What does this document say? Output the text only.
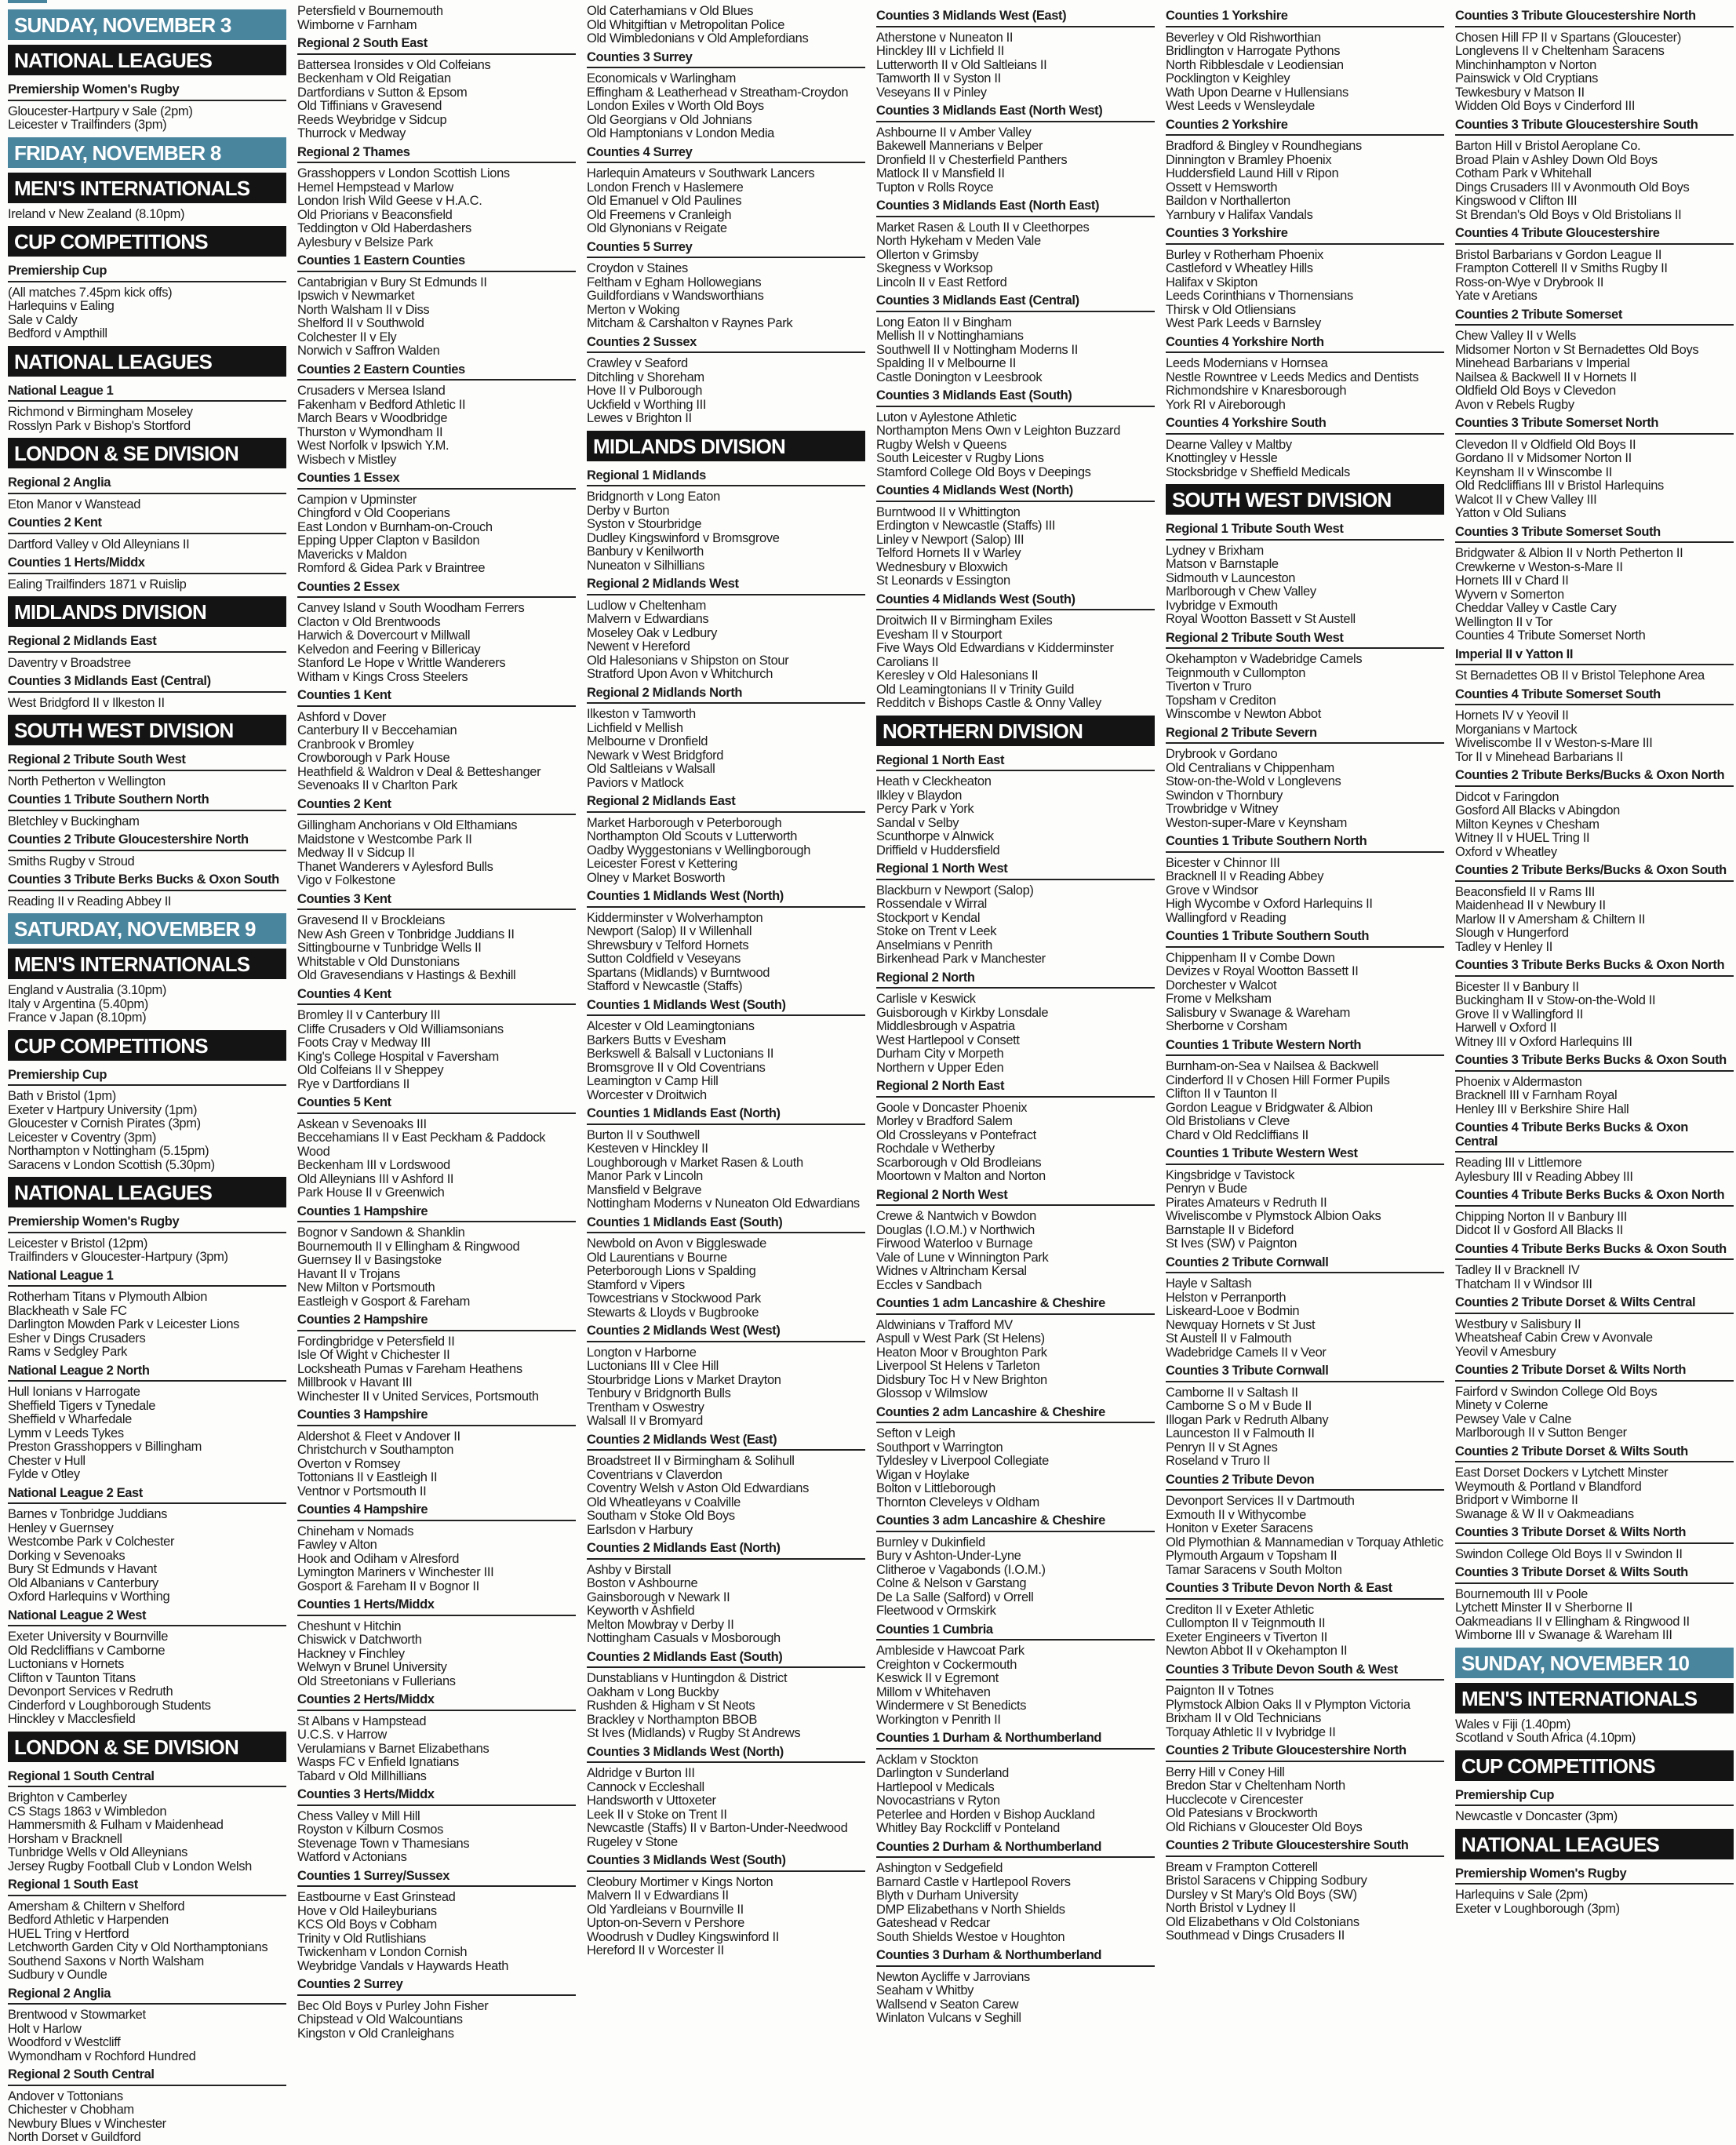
SUNDAY, NOVEMBER 3
NATIONAL LEAGUES
Premiership Women's Rugby
Gloucester-Hartpury v Sale (2pm)
Leicester v Trailfinders (3pm)
FRIDAY, NOVEMBER 8
MEN'S INTERNATIONALS
Ireland v New Zealand (8.10pm)
CUP COMPETITIONS
Premiership Cup
(All matches 7.45pm kick offs)
Harlequins v Ealing
Sale v Caldy
Bedford v Ampthill
NATIONAL LEAGUES
National League 1
Richmond v Birmingham Moseley
Rosslyn Park v Bishop's Stortford
LONDON & SE DIVISION
Regional 2 Anglia
Eton Manor v Wanstead
Counties 2 Kent
Dartford Valley v Old Alleynians II
Counties 1 Herts/Middx
Ealing Trailfinders 1871 v Ruislip
MIDLANDS DIVISION
Regional 2 Midlands East
Daventry v Broadstree
Counties 3 Midlands East (Central)
West Bridgford II v Ilkeston II
SOUTH WEST DIVISION
Regional 2 Tribute South West
North Petherton v Wellington
Counties 1 Tribute Southern North
Bletchley v Buckingham
Counties 2 Tribute Gloucestershire North
Smiths Rugby v Stroud
Counties 3 Tribute Berks Bucks & Oxon South
Reading II v Reading Abbey II
SATURDAY, NOVEMBER 9
MEN'S INTERNATIONALS
England v Australia (3.10pm)
Italy v Argentina (5.40pm)
France v Japan (8.10pm)
CUP COMPETITIONS
Premiership Cup
Bath v Bristol (1pm)
Exeter v Hartpury University (1pm)
Gloucester v Cornish Pirates (3pm)
Leicester v Coventry (3pm)
Northampton v Nottingham (5.15pm)
Saracens v London Scottish (5.30pm)
NATIONAL LEAGUES
Premiership Women's Rugby
Leicester v Bristol (12pm)
Trailfinders v Gloucester-Hartpury (3pm)
National League 1
Rotherham Titans v Plymouth Albion
Blackheath v Sale FC
Darlington Mowden Park v Leicester Lions
Esher v Dings Crusaders
Rams v Sedgley Park
National League 2 North
Hull Ionians v Harrogate
Sheffield Tigers v Tynedale
Sheffield v Wharfedale
Lymm v Leeds Tykes
Preston Grasshoppers v Billingham
Chester v Hull
Fylde v Otley
National League 2 East
Barnes v Tonbridge Juddians
Henley v Guernsey
Westcombe Park v Colchester
Dorking v Sevenoaks
Bury St Edmunds v Havant
Old Albanians v Canterbury
Oxford Harlequins v Worthing
National League 2 West
Exeter University v Bournville
Old Redcliffians v Camborne
Luctonians v Hornets
Clifton v Taunton Titans
Devonport Services v Redruth
Cinderford v Loughborough Students
Hinckley v Macclesfield
LONDON & SE DIVISION
Regional 1 South Central
Brighton v Camberley
CS Stags 1863 v Wimbledon
Hammersmith & Fulham v Maidenhead
Horsham v Bracknell
Tunbridge Wells v Old Alleynians
Jersey Rugby Football Club v London Welsh
Regional 1 South East
Amersham & Chiltern v Shelford
Bedford Athletic v Harpenden
HUEL Tring v Hertford
Letchworth Garden City v Old Northamptonians
Southend Saxons v North Walsham
Sudbury v Oundle
Regional 2 Anglia
Brentwood v Stowmarket
Holt v Harlow
Woodford v Westcliff
Wymondham v Rochford Hundred
Regional 2 South Central
Andover v Tottonians
Chichester v Chobham
Newbury Blues v Winchester
North Dorset v Guildford
Petersfield v Bournemouth
Wimborne v Farnham
Regional 2 South East
Battersea Ironsides v Old Colfeians
Beckenham v Old Reigatian
Dartfordians v Sutton & Epsom
Old Tiffinians v Gravesend
Reeds Weybridge v Sidcup
Thurrock v Medway
Regional 2 Thames
Grasshoppers v London Scottish Lions
Hemel Hempstead v Marlow
London Irish Wild Geese v H.A.C.
Old Priorians v Beaconsfield
Teddington v Old Haberdashers
Aylesbury v Belsize Park
Counties 1 Eastern Counties
Cantabrigian v Bury St Edmunds II
Ipswich v Newmarket
North Walsham II v Diss
Shelford II v Southwold
Colchester II v Ely
Norwich v Saffron Walden
Counties 2 Eastern Counties
Crusaders v Mersea Island
Fakenham v Bedford Athletic II
March Bears v Woodbridge
Thurston v Wymondham II
West Norfolk v Ipswich Y.M.
Wisbech v Mistley
Counties 1 Essex
Campion v Upminster
Chingford v Old Cooperians
East London v Burnham-on-Crouch
Epping Upper Clapton v Basildon
Mavericks v Maldon
Romford & Gidea Park v Braintree
Counties 2 Essex
Canvey Island v South Woodham Ferrers
Clacton v Old Brentwoods
Harwich & Dovercourt v Millwall
Kelvedon and Feering v Billericay
Stanford Le Hope v Writtle Wanderers
Witham v Kings Cross Steelers
Counties 1 Kent
Ashford v Dover
Canterbury II v Beccehamian
Cranbrook v Bromley
Crowborough v Park House
Heathfield & Waldron v Deal & Betteshanger
Sevenoaks II v Charlton Park
Counties 2 Kent
Gillingham Anchorians v Old Elthamians
Maidstone v Westcombe Park II
Medway II v Sidcup II
Thanet Wanderers v Aylesford Bulls
Vigo v Folkestone
Counties 3 Kent
Gravesend II v Brockleians
New Ash Green v Tonbridge Juddians II
Sittingbourne v Tunbridge Wells II
Whitstable v Old Dunstonians
Old Gravesendians v Hastings & Bexhill
Counties 4 Kent
Bromley II v Canterbury III
Cliffe Crusaders v Old Williamsonians
Foots Cray v Medway III
King's College Hospital v Faversham
Old Colfeians II v Sheppey
Rye v Dartfordians II
Counties 5 Kent
Askean v Sevenoaks III
Beccehamians II v East Peckham & Paddock Wood
Beckenham III v Lordswood
Old Alleynians III v Ashford II
Park House II v Greenwich
Counties 1 Hampshire
Bognor v Sandown & Shanklin
Bournemouth II v Ellingham & Ringwood
Guernsey II v Basingstoke
Havant II v Trojans
New Milton v Portsmouth
Eastleigh v Gosport & Fareham
Counties 2 Hampshire
Fordingbridge v Petersfield II
Isle Of Wight v Chichester II
Locksheath Pumas v Fareham Heathens
Millbrook v Havant III
Winchester II v United Services, Portsmouth
Counties 3 Hampshire
Aldershot & Fleet v Andover II
Christchurch v Southampton
Overton v Romsey
Tottonians II v Eastleigh II
Ventnor v Portsmouth II
Counties 4 Hampshire
Chineham v Nomads
Fawley v Alton
Hook and Odiham v Alresford
Lymington Mariners v Winchester III
Gosport & Fareham II v Bognor II
Counties 1 Herts/Middx
Cheshunt v Hitchin
Chiswick v Datchworth
Hackney v Finchley
Welwyn v Brunel University
Old Streetonians v Fullerians
Counties 2 Herts/Middx
St Albans v Hampstead
U.C.S. v Harrow
Verulamians v Barnet Elizabethans
Wasps FC v Enfield Ignatians
Tabard v Old Millhillians
Counties 3 Herts/Middx
Chess Valley v Mill Hill
Royston v Kilburn Cosmos
Stevenage Town v Thamesians
Watford v Actonians
Counties 1 Surrey/Sussex
Eastbourne v East Grinstead
Hove v Old Haileyburians
KCS Old Boys v Cobham
Trinity v Old Rutlishians
Twickenham v London Cornish
Weybridge Vandals v Haywards Heath
Counties 2 Surrey
Bec Old Boys v Purley John Fisher
Chipstead v Old Walcountians
Kingston v Old Cranleighans
Old Caterhamians v Old Blues
Old Whitgiftian v Metropolitan Police
Old Wimbledonians v Old Amplefordians
Counties 3 Surrey
Economicals v Warlingham
Effingham & Leatherhead v Streatham-Croydon
London Exiles v Worth Old Boys
Old Georgians v Old Johnians
Old Hamptonians v London Media
Counties 4 Surrey
Harlequin Amateurs v Southwark Lancers
London French v Haslemere
Old Emanuel v Old Paulines
Old Freemens v Cranleigh
Old Glynonians v Reigate
Counties 5 Surrey
Croydon v Staines
Feltham v Egham Hollowegians
Guildfordians v Wandsworthians
Merton v Woking
Mitcham & Carshalton v Raynes Park
Counties 2 Sussex
Crawley v Seaford
Ditchling v Shoreham
Hove II v Pulborough
Uckfield v Worthing III
Lewes v Brighton II
MIDLANDS DIVISION
Regional 1 Midlands
Bridgnorth v Long Eaton
Derby v Burton
Syston v Stourbridge
Dudley Kingswinford v Bromsgrove
Banbury v Kenilworth
Nuneaton v Silhillians
Regional 2 Midlands West
Ludlow v Cheltenham
Malvern v Edwardians
Moseley Oak v Ledbury
Newent v Hereford
Old Halesonians v Shipston on Stour
Stratford Upon Avon v Whitchurch
Regional 2 Midlands North
Ilkeston v Tamworth
Lichfield v Mellish
Melbourne v Dronfield
Newark v West Bridgford
Old Saltleians v Walsall
Paviors v Matlock
Regional 2 Midlands East
Market Harborough v Peterborough
Northampton Old Scouts v Lutterworth
Oadby Wyggestonians v Wellingborough
Leicester Forest v Kettering
Olney v Market Bosworth
Counties 1 Midlands West (North)
Kidderminster v Wolverhampton
Newport (Salop) II v Willenhall
Shrewsbury v Telford Hornets
Sutton Coldfield v Veseyans
Spartans (Midlands) v Burntwood
Stafford v Newcastle (Staffs)
Counties 1 Midlands West (South)
Alcester v Old Leamingtonians
Barkers Butts v Evesham
Berkswell & Balsall v Luctonians II
Bromsgrove II v Old Coventrians
Leamington v Camp Hill
Worcester v Droitwich
Counties 1 Midlands East (North)
Burton II v Southwell
Kesteven v Hinckley II
Loughborough v Market Rasen & Louth
Manor Park v Lincoln
Mansfield v Belgrave
Nottingham Moderns v Nuneaton Old Edwardians
Counties 1 Midlands East (South)
Newbold on Avon v Biggleswade
Old Laurentians v Bourne
Peterborough Lions v Spalding
Stamford v Vipers
Towcestrians v Stockwood Park
Stewarts & Lloyds v Bugbrooke
Counties 2 Midlands West (West)
Longton v Harborne
Luctonians III v Clee Hill
Stourbridge Lions v Market Drayton
Tenbury v Bridgnorth Bulls
Trentham v Oswestry
Walsall II v Bromyard
Counties 2 Midlands West (East)
Broadstreet II v Birmingham & Solihull
Coventrians v Claverdon
Coventry Welsh v Aston Old Edwardians
Old Wheatleyans v Coalville
Southam v Stoke Old Boys
Earlsdon v Harbury
Counties 2 Midlands East (North)
Ashby v Birstall
Boston v Ashbourne
Gainsborough v Newark II
Keyworth v Ashfield
Melton Mowbray v Derby II
Nottingham Casuals v Mosborough
Counties 2 Midlands East (South)
Dunstablians v Huntingdon & District
Oakham v Long Buckby
Rushden & Higham v St Neots
Brackley v Northampton BBOB
St Ives (Midlands) v Rugby St Andrews
Counties 3 Midlands West (North)
Aldridge v Burton III
Cannock v Eccleshall
Handsworth v Uttoxeter
Leek II v Stoke on Trent II
Newcastle (Staffs) II v Barton-Under-Needwood
Rugeley v Stone
Counties 3 Midlands West (South)
Cleobury Mortimer v Kings Norton
Malvern II v Edwardians II
Old Yardleians v Bournville II
Upton-on-Severn v Pershore
Woodrush v Dudley Kingswinford II
Hereford II v Worcester II
Counties 3 Midlands West (East)
Atherstone v Nuneaton II
Hinckley III v Lichfield II
Lutterworth II v Old Saltleians II
Tamworth II v Syston II
Veseyans II v Pinley
Counties 3 Midlands East (North West)
Ashbourne II v Amber Valley
Bakewell Mannerians v Belper
Dronfield II v Chesterfield Panthers
Matlock II v Mansfield II
Tupton v Rolls Royce
Counties 3 Midlands East (North East)
Market Rasen & Louth II v Cleethorpes
North Hykeham v Meden Vale
Ollerton v Grimsby
Skegness v Worksop
Lincoln II v East Retford
Counties 3 Midlands East (Central)
Long Eaton II v Bingham
Mellish II v Nottinghamians
Southwell II v Nottingham Moderns II
Spalding II v Melbourne II
Castle Donington v Leesbrook
Counties 3 Midlands East (South)
Luton v Aylestone Athletic
Northampton Mens Own v Leighton Buzzard
Rugby Welsh v Queens
South Leicester v Rugby Lions
Stamford College Old Boys v Deepings
Counties 4 Midlands West (North)
Burntwood II v Whittington
Erdington v Newcastle (Staffs) III
Linley v Newport (Salop) III
Telford Hornets II v Warley
Wednesbury v Bloxwich
St Leonards v Essington
Counties 4 Midlands West (South)
Droitwich II v Birmingham Exiles
Evesham II v Stourport
Five Ways Old Edwardians v Kidderminster Carolians II
Keresley v Old Halesonians II
Old Leamingtonians II v Trinity Guild
Redditch v Bishops Castle & Onny Valley
NORTHERN DIVISION
Regional 1 North East
Heath v Cleckheaton
Ilkley v Blaydon
Percy Park v York
Sandal v Selby
Scunthorpe v Alnwick
Driffield v Huddersfield
Regional 1 North West
Blackburn v Newport (Salop)
Rossendale v Wirral
Stockport v Kendal
Stoke on Trent v Leek
Anselmians v Penrith
Birkenhead Park v Manchester
Regional 2 North
Carlisle v Keswick
Guisborough v Kirkby Lonsdale
Middlesbrough v Aspatria
West Hartlepool v Consett
Durham City v Morpeth
Northern v Upper Eden
Regional 2 North East
Goole v Doncaster Phoenix
Morley v Bradford Salem
Old Crossleyans v Pontefract
Rochdale v Wetherby
Scarborough v Old Brodleians
Moortown v Malton and Norton
Regional 2 North West
Crewe & Nantwich v Bowdon
Douglas (I.O.M.) v Northwich
Firwood Waterloo v Burnage
Vale of Lune v Winnington Park
Widnes v Altrincham Kersal
Eccles v Sandbach
Counties 1 adm Lancashire & Cheshire
Aldwinians v Trafford MV
Aspull v West Park (St Helens)
Heaton Moor v Broughton Park
Liverpool St Helens v Tarleton
Didsbury Toc H v New Brighton
Glossop v Wilmslow
Counties 2 adm Lancashire & Cheshire
Sefton v Leigh
Southport v Warrington
Tyldesley v Liverpool Collegiate
Wigan v Hoylake
Bolton v Littleborough
Thornton Cleveleys v Oldham
Counties 3 adm Lancashire & Cheshire
Burnley v Dukinfield
Bury v Ashton-Under-Lyne
Clitheroe v Vagabonds (I.O.M.)
Colne & Nelson v Garstang
De La Salle (Salford) v Orrell
Fleetwood v Ormskirk
Counties 1 Cumbria
Ambleside v Hawcoat Park
Creighton v Cockermouth
Keswick II v Egremont
Millom v Whitehaven
Windermere v St Benedicts
Workington v Penrith II
Counties 1 Durham & Northumberland
Acklam v Stockton
Darlington v Sunderland
Hartlepool v Medicals
Novocastrians v Ryton
Peterlee and Horden v Bishop Auckland
Whitley Bay Rockcliff v Ponteland
Counties 2 Durham & Northumberland
Ashington v Sedgefield
Barnard Castle v Hartlepool Rovers
Blyth v Durham University
DMP Elizabethans v North Shields
Gateshead v Redcar
South Shields Westoe v Houghton
Counties 3 Durham & Northumberland
Newton Aycliffe v Jarrovians
Seaham v Whitby
Wallsend v Seaton Carew
Winlaton Vulcans v Seghill
Counties 1 Yorkshire
Beverley v Old Rishworthian
Bridlington v Harrogate Pythons
North Ribblesdale v Leodiensian
Pocklington v Keighley
Wath Upon Dearne v Hullensians
West Leeds v Wensleydale
Counties 2 Yorkshire
Bradford & Bingley v Roundhegians
Dinnington v Bramley Phoenix
Huddersfield Laund Hill v Ripon
Ossett v Hemsworth
Baildon v Northallerton
Yarnbury v Halifax Vandals
Counties 3 Yorkshire
Burley v Rotherham Phoenix
Castleford v Wheatley Hills
Halifax v Skipton
Leeds Corinthians v Thornensians
Thirsk v Old Otliensians
West Park Leeds v Barnsley
Counties 4 Yorkshire North
Leeds Modernians v Hornsea
Nestle Rowntree v Leeds Medics and Dentists
Richmondshire v Knaresborough
York RI v Aireborough
Counties 4 Yorkshire South
Dearne Valley v Maltby
Knottingley v Hessle
Stocksbridge v Sheffield Medicals
SOUTH WEST DIVISION
Regional 1 Tribute South West
Lydney v Brixham
Matson v Barnstaple
Sidmouth v Launceston
Marlborough v Chew Valley
Ivybridge v Exmouth
Royal Wootton Bassett v St Austell
Regional 2 Tribute South West
Okehampton v Wadebridge Camels
Teignmouth v Cullompton
Tiverton v Truro
Topsham v Crediton
Winscombe v Newton Abbot
Regional 2 Tribute Severn
Drybrook v Gordano
Old Centralians v Chippenham
Stow-on-the-Wold v Longlevens
Swindon v Thornbury
Trowbridge v Witney
Weston-super-Mare v Keynsham
Counties 1 Tribute Southern North
Bicester v Chinnor III
Bracknell II v Reading Abbey
Grove v Windsor
High Wycombe v Oxford Harlequins II
Wallingford v Reading
Counties 1 Tribute Southern South
Chippenham II v Combe Down
Devizes v Royal Wootton Bassett II
Dorchester v Walcot
Frome v Melksham
Salisbury v Swanage & Wareham
Sherborne v Corsham
Counties 1 Tribute Western North
Burnham-on-Sea v Nailsea & Backwell
Cinderford II v Chosen Hill Former Pupils
Clifton II v Taunton II
Gordon League v Bridgwater & Albion
Old Bristolians v Cleve
Chard v Old Redcliffians II
Counties 1 Tribute Western West
Kingsbridge v Tavistock
Penryn v Bude
Pirates Amateurs v Redruth II
Wiveliscombe v Plymstock Albion Oaks
Barnstaple II v Bideford
St Ives (SW) v Paignton
Counties 2 Tribute Cornwall
Hayle v Saltash
Helston v Perranporth
Liskeard-Looe v Bodmin
Newquay Hornets v St Just
St Austell II v Falmouth
Wadebridge Camels II v Veor
Counties 3 Tribute Cornwall
Camborne II v Saltash II
Camborne S o M v Bude II
Illogan Park v Redruth Albany
Launceston II v Falmouth II
Penryn II v St Agnes
Roseland v Truro II
Counties 2 Tribute Devon
Devonport Services II v Dartmouth
Exmouth II v Withycombe
Honiton v Exeter Saracens
Old Plymothian & Mannamedian v Torquay Athletic
Plymouth Argaum v Topsham II
Tamar Saracens v South Molton
Counties 3 Tribute Devon North & East
Crediton II v Exeter Athletic
Cullompton II v Teignmouth II
Exeter Engineers v Tiverton II
Newton Abbot II v Okehampton II
Counties 3 Tribute Devon South & West
Paignton II v Totnes
Plymstock Albion Oaks II v Plympton Victoria
Brixham II v Old Technicians
Torquay Athletic II v Ivybridge II
Counties 2 Tribute Gloucestershire North
Berry Hill v Coney Hill
Bredon Star v Cheltenham North
Hucclecote v Cirencester
Old Patesians v Brockworth
Old Richians v Gloucester Old Boys
Counties 2 Tribute Gloucestershire South
Bream v Frampton Cotterell
Bristol Saracens v Chipping Sodbury
Dursley v St Mary's Old Boys (SW)
North Bristol v Lydney II
Old Elizabethans v Old Colstonians
Southmead v Dings Crusaders II
Counties 3 Tribute Gloucestershire North
Chosen Hill FP II v Spartans (Gloucester)
Longlevens II v Cheltenham Saracens
Minchinhampton v Norton
Painswick v Old Cryptians
Tewkesbury v Matson II
Widden Old Boys v Cinderford III
Counties 3 Tribute Gloucestershire South
Barton Hill v Bristol Aeroplane Co.
Broad Plain v Ashley Down Old Boys
Cotham Park v Whitehall
Dings Crusaders III v Avonmouth Old Boys
Kingswood v Clifton III
St Brendan's Old Boys v Old Bristolians II
Counties 4 Tribute Gloucestershire
Bristol Barbarians v Gordon League II
Frampton Cotterell II v Smiths Rugby II
Ross-on-Wye v Drybrook II
Yate v Aretians
Counties 2 Tribute Somerset
Chew Valley II v Wells
Midsomer Norton v St Bernadettes Old Boys
Minehead Barbarians v Imperial
Nailsea & Backwell II v Hornets II
Oldfield Old Boys v Clevedon
Avon v Rebels Rugby
Counties 3 Tribute Somerset North
Clevedon II v Oldfield Old Boys II
Gordano II v Midsomer Norton II
Keynsham II v Winscombe II
Old Redcliffians III v Bristol Harlequins
Walcot II v Chew Valley III
Yatton v Old Sulians
Counties 3 Tribute Somerset South
Bridgwater & Albion II v North Petherton II
Crewkerne v Weston-s-Mare II
Hornets III v Chard II
Wyvern v Somerton
Cheddar Valley v Castle Cary
Wellington II v Tor
Counties 4 Tribute Somerset North
Imperial II v Yatton II
St Bernadettes OB II v Bristol Telephone Area
Counties 4 Tribute Somerset South
Hornets IV v Yeovil II
Morganians v Martock
Wiveliscombe II v Weston-s-Mare III
Tor II v Minehead Barbarians II
Counties 2 Tribute Berks/Bucks & Oxon North
Didcot v Faringdon
Gosford All Blacks v Abingdon
Milton Keynes v Chesham
Witney II v HUEL Tring II
Oxford v Wheatley
Counties 2 Tribute Berks/Bucks & Oxon South
Beaconsfield II v Rams III
Maidenhead II v Newbury II
Marlow II v Amersham & Chiltern II
Slough v Hungerford
Tadley v Henley II
Counties 3 Tribute Berks Bucks & Oxon North
Bicester II v Banbury II
Buckingham II v Stow-on-the-Wold II
Grove II v Wallingford II
Harwell v Oxford II
Witney III v Oxford Harlequins III
Counties 3 Tribute Berks Bucks & Oxon South
Phoenix v Aldermaston
Bracknell III v Farnham Royal
Henley III v Berkshire Shire Hall
Counties 4 Tribute Berks Bucks & Oxon Central
Reading III v Littlemore
Aylesbury III v Reading Abbey III
Counties 4 Tribute Berks Bucks & Oxon North
Chipping Norton II v Banbury III
Didcot II v Gosford All Blacks II
Counties 4 Tribute Berks Bucks & Oxon South
Tadley II v Bracknell IV
Thatcham II v Windsor III
Counties 2 Tribute Dorset & Wilts Central
Westbury v Salisbury II
Wheatsheaf Cabin Crew v Avonvale
Yeovil v Amesbury
Counties 2 Tribute Dorset & Wilts North
Fairford v Swindon College Old Boys
Minety v Colerne
Pewsey Vale v Calne
Marlborough II v Sutton Benger
Counties 2 Tribute Dorset & Wilts South
East Dorset Dockers v Lytchett Minster
Weymouth & Portland v Blandford
Bridport v Wimborne II
Swanage & W II v Oakmeadians
Counties 3 Tribute Dorset & Wilts North
Swindon College Old Boys II v Swindon II
Counties 3 Tribute Dorset & Wilts South
Bournemouth III v Poole
Lytchett Minster II v Sherborne II
Oakmeadians II v Ellingham & Ringwood II
Wimborne III v Swanage & Wareham III
SUNDAY, NOVEMBER 10
MEN'S INTERNATIONALS
Wales v Fiji (1.40pm)
Scotland v South Africa (4.10pm)
CUP COMPETITIONS
Premiership Cup
Newcastle v Doncaster (3pm)
NATIONAL LEAGUES
Premiership Women's Rugby
Harlequins v Sale (2pm)
Exeter v Loughborough (3pm)
